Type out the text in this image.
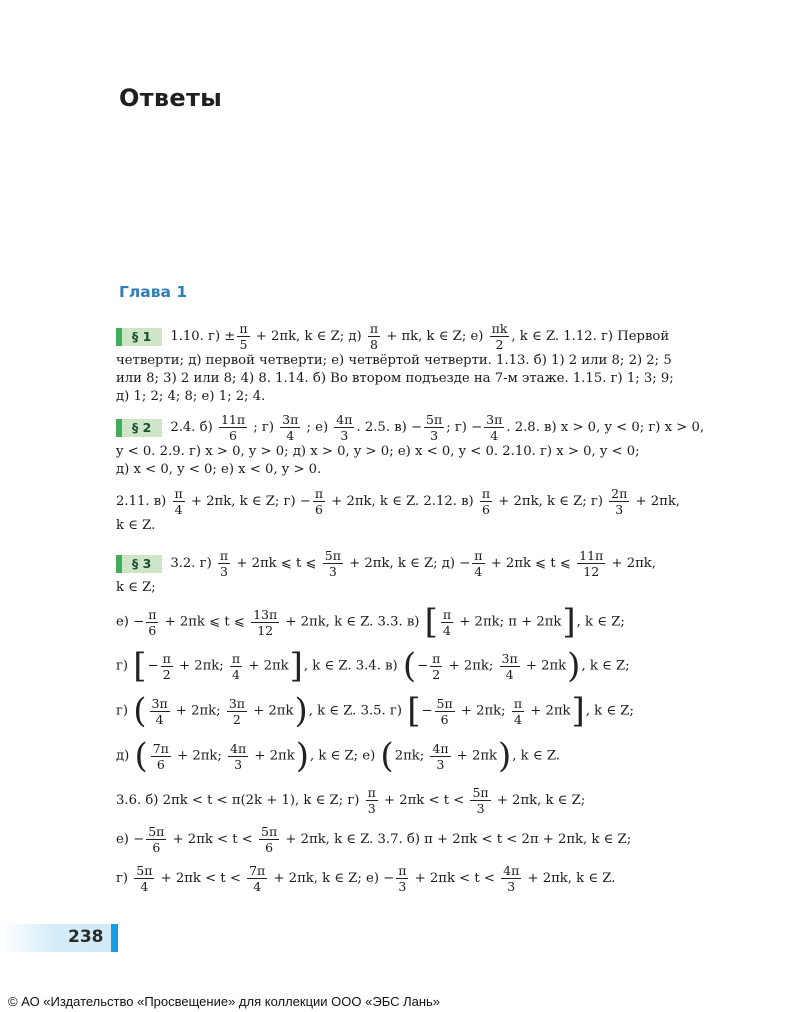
Ответы
Глава 1
§ 1 1.10. $г) \pm \frac{\pi}{5} + 2\pi k$, k ∈ Z; $д) \frac{\pi}{8} + \pi k$, k ∈ Z; $е) \frac{\pi k}{2}$ , k ∈ Z. 1.12. г) Первой
четверти; д) первой четверти; е) четвёртой четверти. 1.13. б) 1) 2 или 8; 2) 2; 5
или 8; 3) 2 или 8; 4) 8. 1.14. б) Во втором подъезде на 7-м этаже. 1.15. г) 1; 3; 9;
д) 1; 2; 4; 8; е) 1; 2; 4.
§ 2 2.4. $б) \frac{11\pi}{6}$ ; $г) \frac{3\pi}{4}$ ; $е) \frac{4\pi}{3}$ . 2.5. $в) - \frac{5\pi}{3}$ ; $г) - \frac{3\pi}{4}$ . 2.8. в) x > 0, y < 0; г) x > 0,
y < 0. 2.9. г) x > 0, y > 0; д) x > 0, y > 0; е) x < 0, y < 0. 2.10. г) x > 0, y < 0;
д) x < 0, y < 0; е) x < 0, y > 0.
2.11. $в) \frac{\pi}{4} + 2\pi k$, k ∈ Z; $г) - \frac{\pi}{6} + 2\pi k$, k ∈ Z. 2.12. $в) \frac{\pi}{6} + 2\pi k$, k ∈ Z; $г) \frac{2\pi}{3} + 2\pi k$,
k ∈ Z.
§ 3 3.2. $г) \frac{\pi}{3} + 2\pi k$ ⩽ t ⩽ $\frac{5\pi}{3} + 2\pi k$, k ∈ Z; $д) - \frac{\pi}{4} + 2\pi k$ ⩽ t ⩽ $\frac{11\pi}{12} + 2\pi k$,
k ∈ Z;
$е) - \frac{\pi}{6} + 2\pi k$ ⩽ t ⩽ $\frac{13\pi}{12} + 2\pi k$, k ∈ Z. 3.3. в) [ $\frac{\pi}{4} + 2\pi k$; π + 2πk], k ∈ Z;
г) [− $\frac{\pi}{2} + 2\pi k$; $\frac{\pi}{4} + 2\pi k$], k ∈ Z. 3.4. в) (− $\frac{\pi}{2} + 2\pi k$; $\frac{3\pi}{4} + 2\pi k$), k ∈ Z;
г) ( $\frac{3\pi}{4} + 2\pi k$; $\frac{3\pi}{2} + 2\pi k$), k ∈ Z. 3.5. г) [− $\frac{5\pi}{6} + 2\pi k$; $\frac{\pi}{4} + 2\pi k$], k ∈ Z;
д) ( $\frac{7\pi}{6} + 2\pi k$; $\frac{4\pi}{3} + 2\pi k$), k ∈ Z; е) (2πk; $\frac{4\pi}{3} + 2\pi k$), k ∈ Z.
3.6. б) 2πk < t < π(2k + 1), k ∈ Z; $г) \frac{\pi}{3} + 2\pi k < t < \frac{5\pi}{3} + 2\pi k$, k ∈ Z;
$е) - \frac{5\pi}{6} + 2\pi k < t < \frac{5\pi}{6} + 2\pi k$, k ∈ Z. 3.7. б) π + 2πk < t < 2π + 2πk, k ∈ Z;
$г) \frac{5\pi}{4} + 2\pi k < t < \frac{7\pi}{4} + 2\pi k$, k ∈ Z; $е) - \frac{\pi}{3} + 2\pi k < t < \frac{4\pi}{3} + 2\pi k$, k ∈ Z.
238
© АО «Издательство «Просвещение» для коллекции ООО «ЭБС Лань»
